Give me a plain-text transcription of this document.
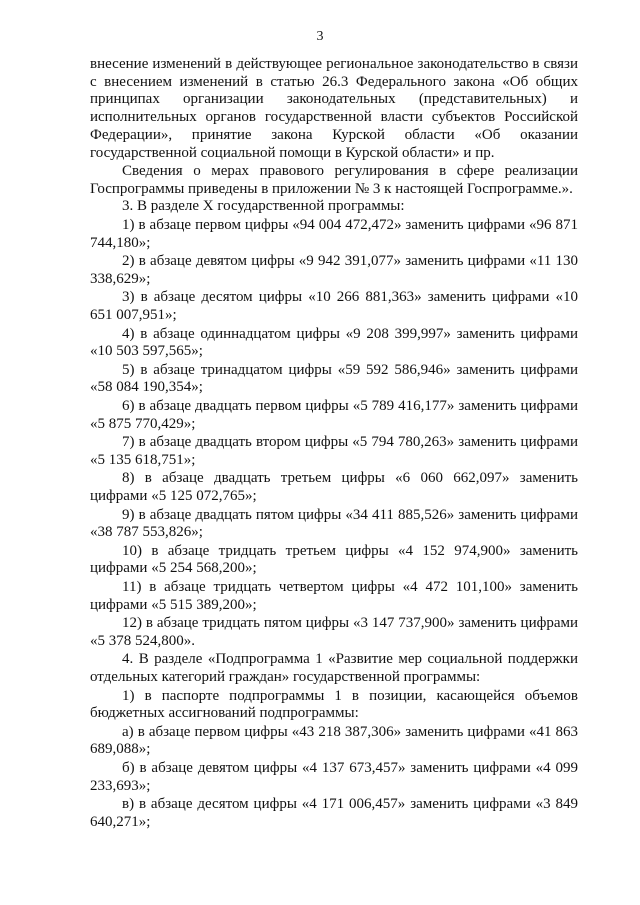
3

внесение изменений в действующее региональное законодательство в связи с внесением изменений в статью 26.3 Федерального закона «Об общих принципах организации законодательных (представительных) и исполнительных органов государственной власти субъектов Российской Федерации», принятие закона Курской области «Об оказании государственной социальной помощи в Курской области» и пр.

Сведения о мерах правового регулирования в сфере реализации Госпрограммы приведены в приложении № 3 к настоящей Госпрограмме.».

3. В разделе X государственной программы:

1) в абзаце первом цифры «94 004 472,472» заменить цифрами «96 871 744,180»;

2) в абзаце девятом цифры «9 942 391,077» заменить цифрами «11 130 338,629»;

3) в абзаце десятом цифры «10 266 881,363» заменить цифрами «10 651 007,951»;

4) в абзаце одиннадцатом цифры «9 208 399,997» заменить цифрами «10 503 597,565»;

5) в абзаце тринадцатом цифры «59 592 586,946» заменить цифрами «58 084 190,354»;

6) в абзаце двадцать первом цифры «5 789 416,177» заменить цифрами «5 875 770,429»;

7) в абзаце двадцать втором цифры «5 794 780,263» заменить цифрами «5 135 618,751»;

8) в абзаце двадцать третьем цифры «6 060 662,097» заменить цифрами «5 125 072,765»;

9) в абзаце двадцать пятом цифры «34 411 885,526» заменить цифрами «38 787 553,826»;

10) в абзаце тридцать третьем цифры «4 152 974,900» заменить цифрами «5 254 568,200»;

11) в абзаце тридцать четвертом цифры «4 472 101,100» заменить цифрами «5 515 389,200»;

12) в абзаце тридцать пятом цифры «3 147 737,900» заменить цифрами «5 378 524,800».

4. В разделе «Подпрограмма 1 «Развитие мер социальной поддержки отдельных категорий граждан» государственной программы:

1) в паспорте подпрограммы 1 в позиции, касающейся объемов бюджетных ассигнований подпрограммы:

а) в абзаце первом цифры «43 218 387,306» заменить цифрами «41 863 689,088»;

б) в абзаце девятом цифры «4 137 673,457» заменить цифрами «4 099 233,693»;

в) в абзаце десятом цифры «4 171 006,457» заменить цифрами «3 849 640,271»;
